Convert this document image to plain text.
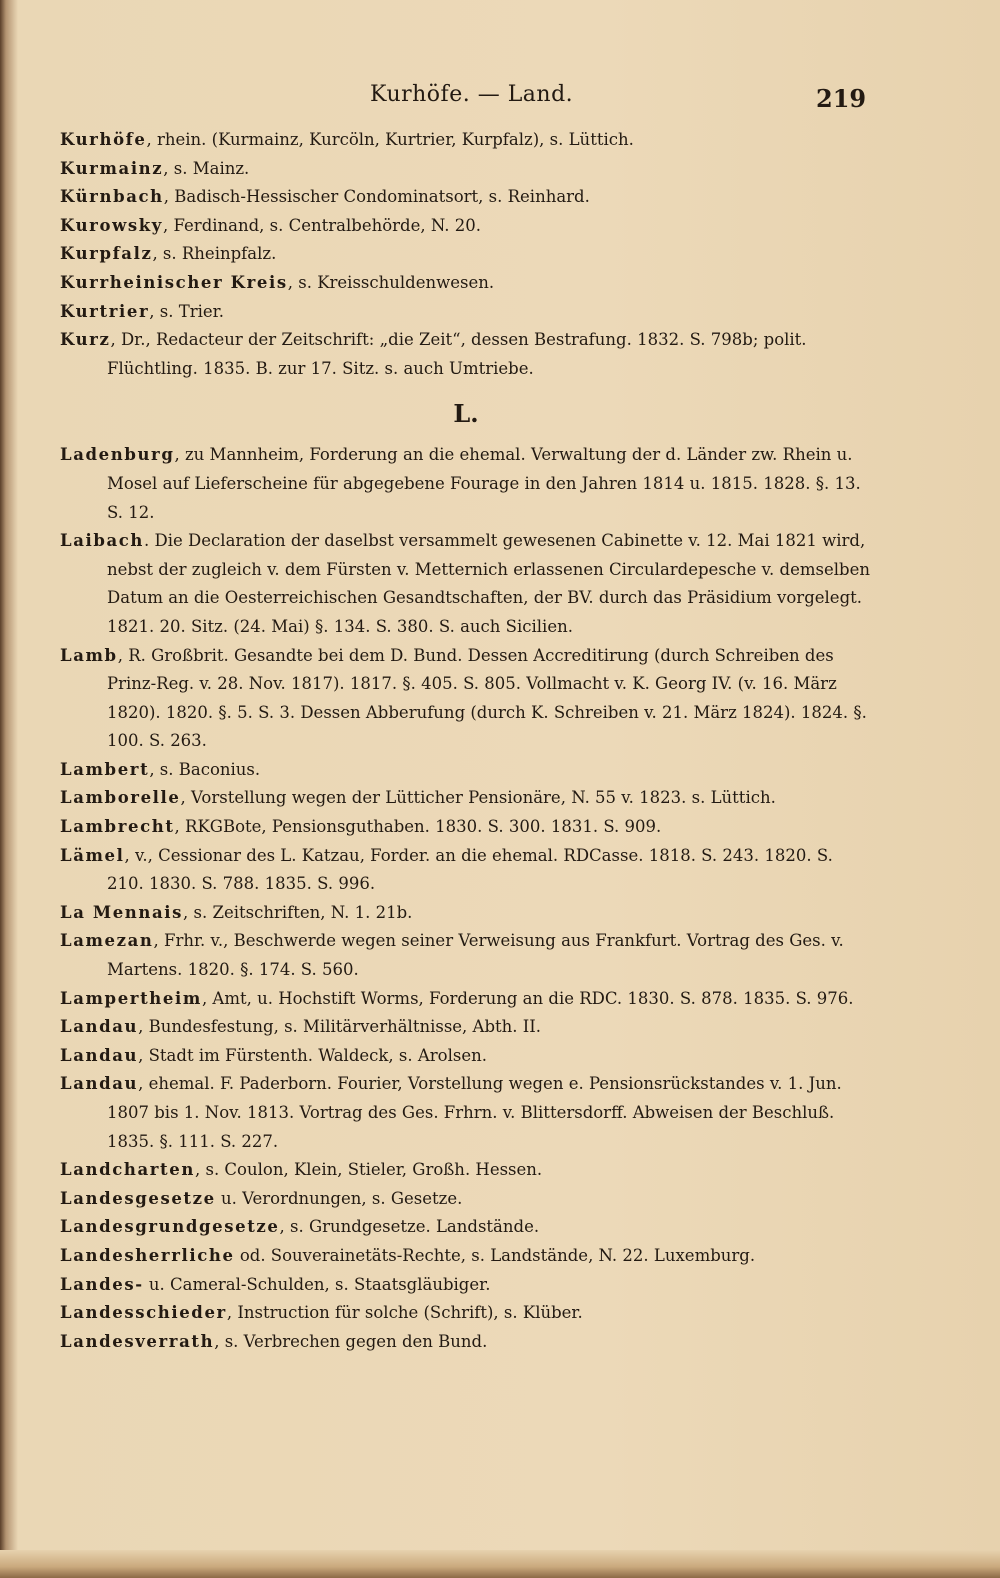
Kurhöfe. — Land.	219

Kurhöfe, rhein. (Kurmainz, Kurcöln, Kurtrier, Kurpfalz), s. Lüttich.

Kurmainz, s. Mainz.

Kürnbach, Badisch-Hessischer Condominatsort, s. Reinhard.

Kurowsky, Ferdinand, s. Centralbehörde, N. 20.

Kurpfalz, s. Rheinpfalz.

Kurrheinischer Kreis, s. Kreisschuldenwesen.

Kurtrier, s. Trier.

Kurz, Dr., Redacteur der Zeitschrift: „die Zeit“, dessen Bestrafung. 1832. S. 798b; polit. Flüchtling. 1835. B. zur 17. Sitz. s. auch Umtriebe.

L.

Ladenburg, zu Mannheim, Forderung an die ehemal. Verwaltung der d. Länder zw. Rhein u. Mosel auf Lieferscheine für abgegebene Fourage in den Jahren 1814 u. 1815. 1828. §. 13. S. 12.

Laibach. Die Declaration der daselbst versammelt gewesenen Cabinette v. 12. Mai 1821 wird, nebst der zugleich v. dem Fürsten v. Metternich erlassenen Circulardepesche v. demselben Datum an die Oesterreichischen Gesandtschaften, der BV. durch das Präsidium vorgelegt. 1821. 20. Sitz. (24. Mai) §. 134. S. 380. S. auch Sicilien.

Lamb, R. Großbrit. Gesandte bei dem D. Bund. Dessen Accreditirung (durch Schreiben des Prinz-Reg. v. 28. Nov. 1817). 1817. §. 405. S. 805. Vollmacht v. K. Georg IV. (v. 16. März 1820). 1820. §. 5. S. 3. Dessen Abberufung (durch K. Schreiben v. 21. März 1824). 1824. §. 100. S. 263.

Lambert, s. Baconius.

Lamborelle, Vorstellung wegen der Lütticher Pensionäre, N. 55 v. 1823. s. Lüttich.

Lambrecht, RKGBote, Pensionsguthaben. 1830. S. 300. 1831. S. 909.

Lämel, v., Cessionar des L. Katzau, Forder. an die ehemal. RDCasse. 1818. S. 243. 1820. S. 210. 1830. S. 788. 1835. S. 996.

La Mennais, s. Zeitschriften, N. 1. 21b.

Lamezan, Frhr. v., Beschwerde wegen seiner Verweisung aus Frankfurt. Vortrag des Ges. v. Martens. 1820. §. 174. S. 560.

Lampertheim, Amt, u. Hochstift Worms, Forderung an die RDC. 1830. S. 878. 1835. S. 976.

Landau, Bundesfestung, s. Militärverhältnisse, Abth. II.

Landau, Stadt im Fürstenth. Waldeck, s. Arolsen.

Landau, ehemal. F. Paderborn. Fourier, Vorstellung wegen e. Pensionsrückstandes v. 1. Jun. 1807 bis 1. Nov. 1813. Vortrag des Ges. Frhrn. v. Blittersdorff. Abweisen der Beschluß. 1835. §. 111. S. 227.

Landcharten, s. Coulon, Klein, Stieler, Großh. Hessen.

Landesgesetze u. Verordnungen, s. Gesetze.

Landesgrundgesetze, s. Grundgesetze. Landstände.

Landesherrliche od. Souverainetäts-Rechte, s. Landstände, N. 22. Luxemburg.

Landes- u. Cameral-Schulden, s. Staatsgläubiger.

Landesschieder, Instruction für solche (Schrift), s. Klüber.

Landesverrath, s. Verbrechen gegen den Bund.
